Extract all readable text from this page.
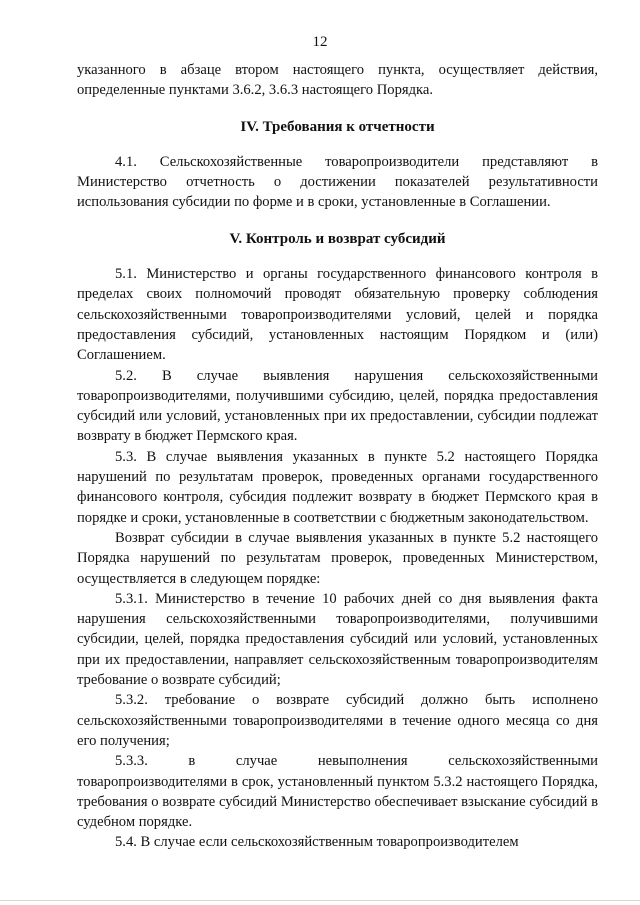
12

указанного в абзаце втором настоящего пункта, осуществляет действия, определенные пунктами 3.6.2, 3.6.3 настоящего Порядка.

IV. Требования к отчетности

4.1. Сельскохозяйственные товаропроизводители представляют в Министерство отчетность о достижении показателей результативности использования субсидии по форме и в сроки, установленные в Соглашении.

V. Контроль и возврат субсидий

5.1. Министерство и органы государственного финансового контроля в пределах своих полномочий проводят обязательную проверку соблюдения сельскохозяйственными товаропроизводителями условий, целей и порядка предоставления субсидий, установленных настоящим Порядком и (или) Соглашением.

5.2. В случае выявления нарушения сельскохозяйственными товаропроизводителями, получившими субсидию, целей, порядка предоставления субсидий или условий, установленных при их предоставлении, субсидии подлежат возврату в бюджет Пермского края.

5.3. В случае выявления указанных в пункте 5.2 настоящего Порядка нарушений по результатам проверок, проведенных органами государственного финансового контроля, субсидия подлежит возврату в бюджет Пермского края в порядке и сроки, установленные в соответствии с бюджетным законодательством.

Возврат субсидии в случае выявления указанных в пункте 5.2 настоящего Порядка нарушений по результатам проверок, проведенных Министерством, осуществляется в следующем порядке:

5.3.1. Министерство в течение 10 рабочих дней со дня выявления факта нарушения сельскохозяйственными товаропроизводителями, получившими субсидии, целей, порядка предоставления субсидий или условий, установленных при их предоставлении, направляет сельскохозяйственным товаропроизводителям требование о возврате субсидий;

5.3.2. требование о возврате субсидий должно быть исполнено сельскохозяйственными товаропроизводителями в течение одного месяца со дня его получения;

5.3.3. в случае невыполнения сельскохозяйственными товаропроизводителями в срок, установленный пунктом 5.3.2 настоящего Порядка, требования о возврате субсидий Министерство обеспечивает взыскание субсидий в судебном порядке.

5.4. В случае если сельскохозяйственным товаропроизводителем
